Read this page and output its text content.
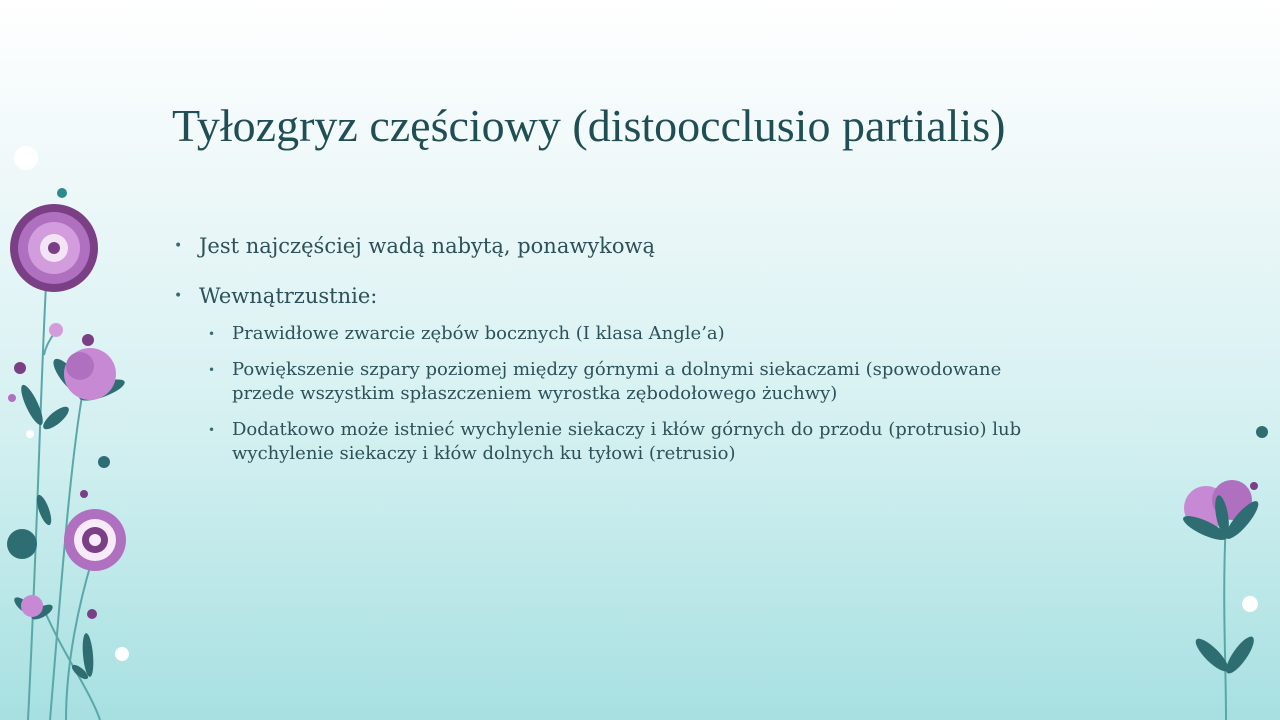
Tyłozgryz częściowy (distoocclusio partialis)
• Jest najczęściej wadą nabytą, ponawykową
• Wewnątrzustnie:
• Prawidłowe zwarcie zębów bocznych (I klasa Angle’a)
• Powiększenie szpary poziomej między górnymi a dolnymi siekaczami (spowodowane przede wszystkim spłaszczeniem wyrostka zębodołowego żuchwy)
• Dodatkowo może istnieć wychylenie siekaczy i kłów górnych do przodu (protrusio) lub wychylenie siekaczy i kłów dolnych ku tyłowi (retrusio)
